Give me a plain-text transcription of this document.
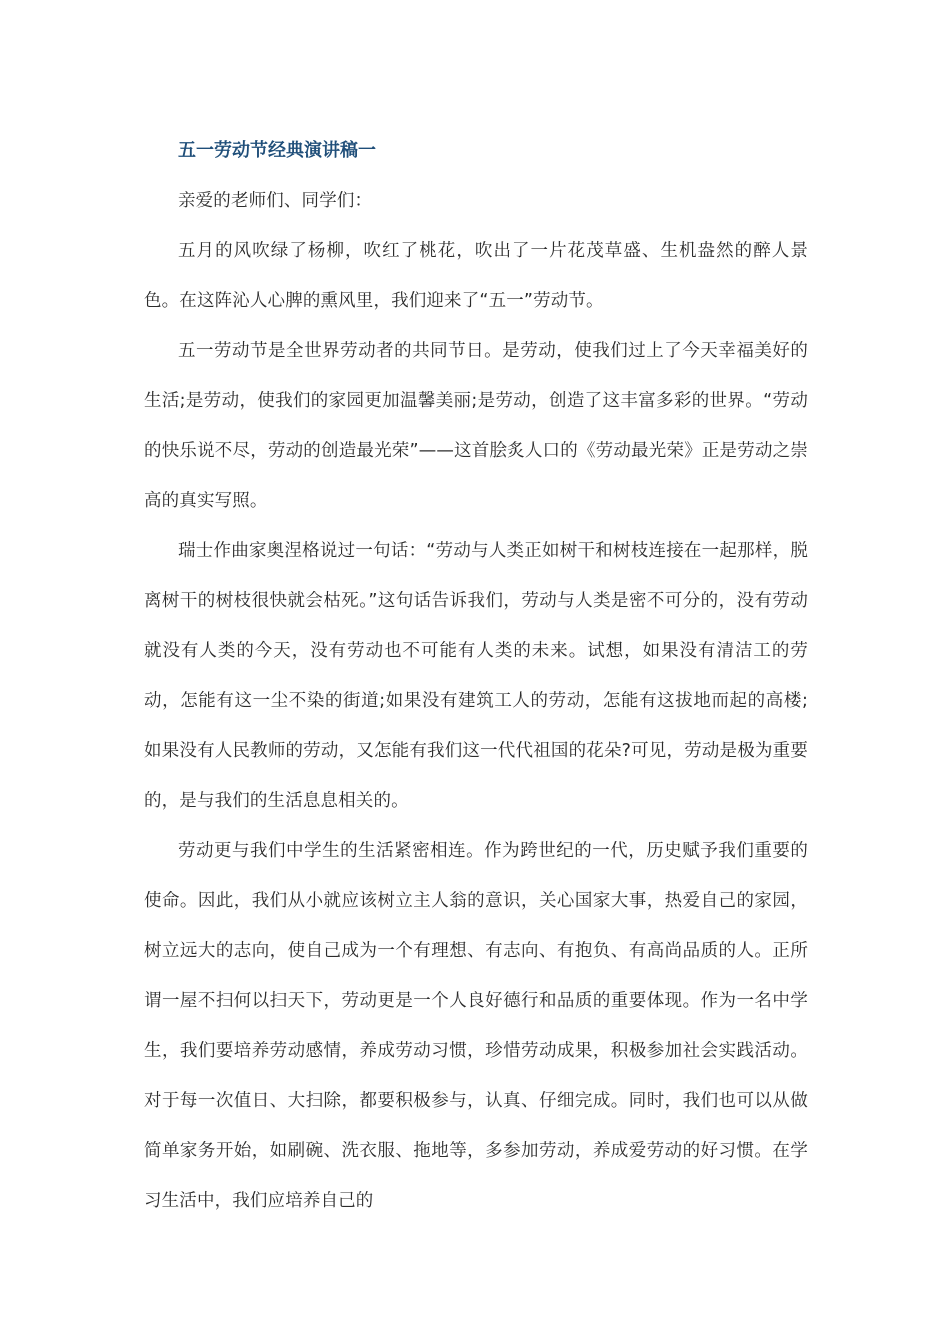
五一劳动节经典演讲稿一

亲爱的老师们、同学们：

五月的风吹绿了杨柳，吹红了桃花，吹出了一片花茂草盛、生机盎然的醉人景色。在这阵沁人心脾的熏风里，我们迎来了“五一”劳动节。

五一劳动节是全世界劳动者的共同节日。是劳动，使我们过上了今天幸福美好的生活;是劳动，使我们的家园更加温馨美丽;是劳动，创造了这丰富多彩的世界。“劳动的快乐说不尽，劳动的创造最光荣”——这首脍炙人口的《劳动最光荣》正是劳动之崇高的真实写照。

瑞士作曲家奥涅格说过一句话：“劳动与人类正如树干和树枝连接在一起那样，脱离树干的树枝很快就会枯死。”这句话告诉我们，劳动与人类是密不可分的，没有劳动就没有人类的今天，没有劳动也不可能有人类的未来。试想，如果没有清洁工的劳动，怎能有这一尘不染的街道;如果没有建筑工人的劳动，怎能有这拔地而起的高楼;如果没有人民教师的劳动，又怎能有我们这一代代祖国的花朵?可见，劳动是极为重要的，是与我们的生活息息相关的。

劳动更与我们中学生的生活紧密相连。作为跨世纪的一代，历史赋予我们重要的使命。因此，我们从小就应该树立主人翁的意识，关心国家大事，热爱自己的家园，树立远大的志向，使自己成为一个有理想、有志向、有抱负、有高尚品质的人。正所谓一屋不扫何以扫天下，劳动更是一个人良好德行和品质的重要体现。作为一名中学生，我们要培养劳动感情，养成劳动习惯，珍惜劳动成果，积极参加社会实践活动。对于每一次值日、大扫除，都要积极参与，认真、仔细完成。同时，我们也可以从做简单家务开始，如刷碗、洗衣服、拖地等，多参加劳动，养成爱劳动的好习惯。在学习生活中，我们应培养自己的
